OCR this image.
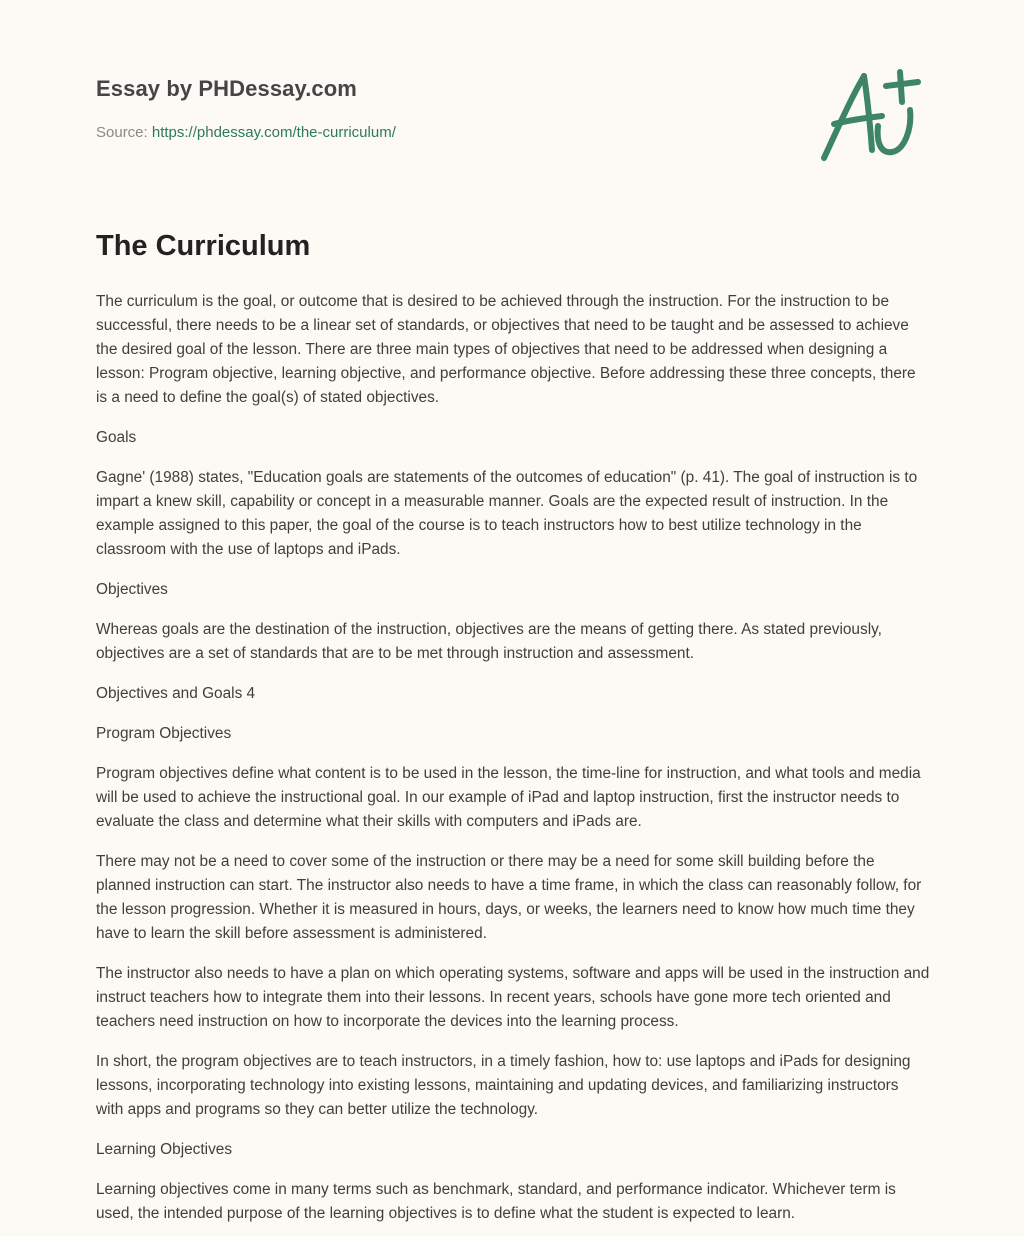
Essay by PHDessay.com
Source: https://phdessay.com/the-curriculum/
The Curriculum

The curriculum is the goal, or outcome that is desired to be achieved through the instruction. For the instruction to be successful, there needs to be a linear set of standards, or objectives that need to be taught and be assessed to achieve the desired goal of the lesson. There are three main types of objectives that need to be addressed when designing a lesson: Program objective, learning objective, and performance objective. Before addressing these three concepts, there is a need to define the goal(s) of stated objectives.

Goals

Gagne' (1988) states, "Education goals are statements of the outcomes of education" (p. 41). The goal of instruction is to impart a knew skill, capability or concept in a measurable manner. Goals are the expected result of instruction. In the example assigned to this paper, the goal of the course is to teach instructors how to best utilize technology in the classroom with the use of laptops and iPads.

Objectives

Whereas goals are the destination of the instruction, objectives are the means of getting there. As stated previously, objectives are a set of standards that are to be met through instruction and assessment.

Objectives and Goals 4

Program Objectives

Program objectives define what content is to be used in the lesson, the time-line for instruction, and what tools and media will be used to achieve the instructional goal. In our example of iPad and laptop instruction, first the instructor needs to evaluate the class and determine what their skills with computers and iPads are.

There may not be a need to cover some of the instruction or there may be a need for some skill building before the planned instruction can start. The instructor also needs to have a time frame, in which the class can reasonably follow, for the lesson progression. Whether it is measured in hours, days, or weeks, the learners need to know how much time they have to learn the skill before assessment is administered.

The instructor also needs to have a plan on which operating systems, software and apps will be used in the instruction and instruct teachers how to integrate them into their lessons. In recent years, schools have gone more tech oriented and teachers need instruction on how to incorporate the devices into the learning process.

In short, the program objectives are to teach instructors, in a timely fashion, how to: use laptops and iPads for designing lessons, incorporating technology into existing lessons, maintaining and updating devices, and familiarizing instructors with apps and programs so they can better utilize the technology.

Learning Objectives

Learning objectives come in many terms such as benchmark, standard, and performance indicator. Whichever term is used, the intended purpose of the learning objectives is to define what the student is expected to learn.
